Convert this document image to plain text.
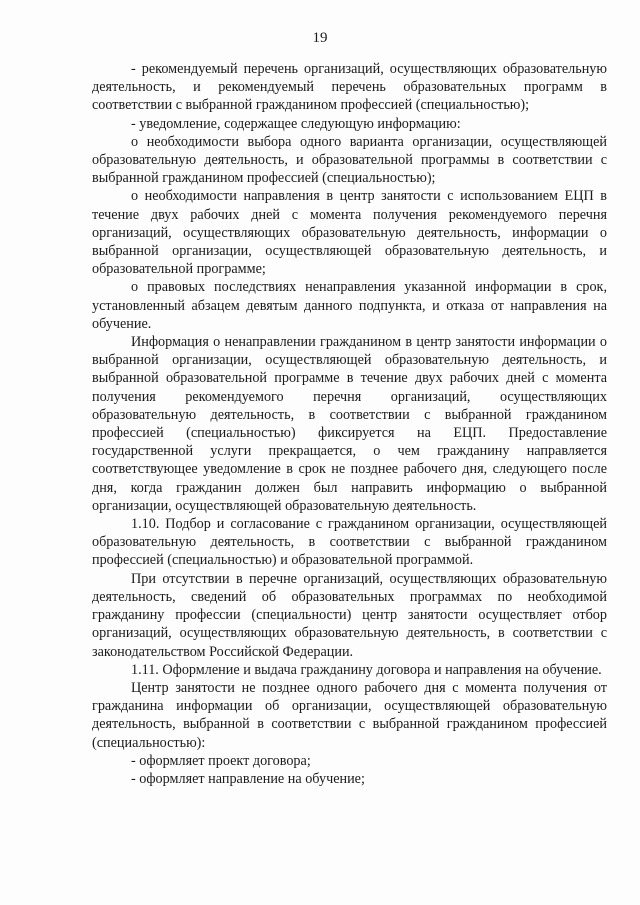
19

- рекомендуемый перечень организаций, осуществляющих образовательную деятельность, и рекомендуемый перечень образовательных программ в соответствии с выбранной гражданином профессией (специальностью);

- уведомление, содержащее следующую информацию:

о необходимости выбора одного варианта организации, осуществляющей образовательную деятельность, и образовательной программы в соответствии с выбранной гражданином профессией (специальностью);

о необходимости направления в центр занятости с использованием ЕЦП в течение двух рабочих дней с момента получения рекомендуемого перечня организаций, осуществляющих образовательную деятельность, информации о выбранной организации, осуществляющей образовательную деятельность, и образовательной программе;

о правовых последствиях ненаправления указанной информации в срок, установленный абзацем девятым данного подпункта, и отказа от направления на обучение.

Информация о ненаправлении гражданином в центр занятости информации о выбранной организации, осуществляющей образовательную деятельность, и выбранной образовательной программе в течение двух рабочих дней с момента получения рекомендуемого перечня организаций, осуществляющих образовательную деятельность, в соответствии с выбранной гражданином профессией (специальностью) фиксируется на ЕЦП. Предоставление государственной услуги прекращается, о чем гражданину направляется соответствующее уведомление в срок не позднее рабочего дня, следующего после дня, когда гражданин должен был направить информацию о выбранной организации, осуществляющей образовательную деятельность.

1.10. Подбор и согласование с гражданином организации, осуществляющей образовательную деятельность, в соответствии с выбранной гражданином профессией (специальностью) и образовательной программой.

При отсутствии в перечне организаций, осуществляющих образовательную деятельность, сведений об образовательных программах по необходимой гражданину профессии (специальности) центр занятости осуществляет отбор организаций, осуществляющих образовательную деятельность, в соответствии с законодательством Российской Федерации.

1.11. Оформление и выдача гражданину договора и направления на обучение.

Центр занятости не позднее одного рабочего дня с момента получения от гражданина информации об организации, осуществляющей образовательную деятельность, выбранной в соответствии с выбранной гражданином профессией (специальностью):

- оформляет проект договора;

- оформляет направление на обучение;
